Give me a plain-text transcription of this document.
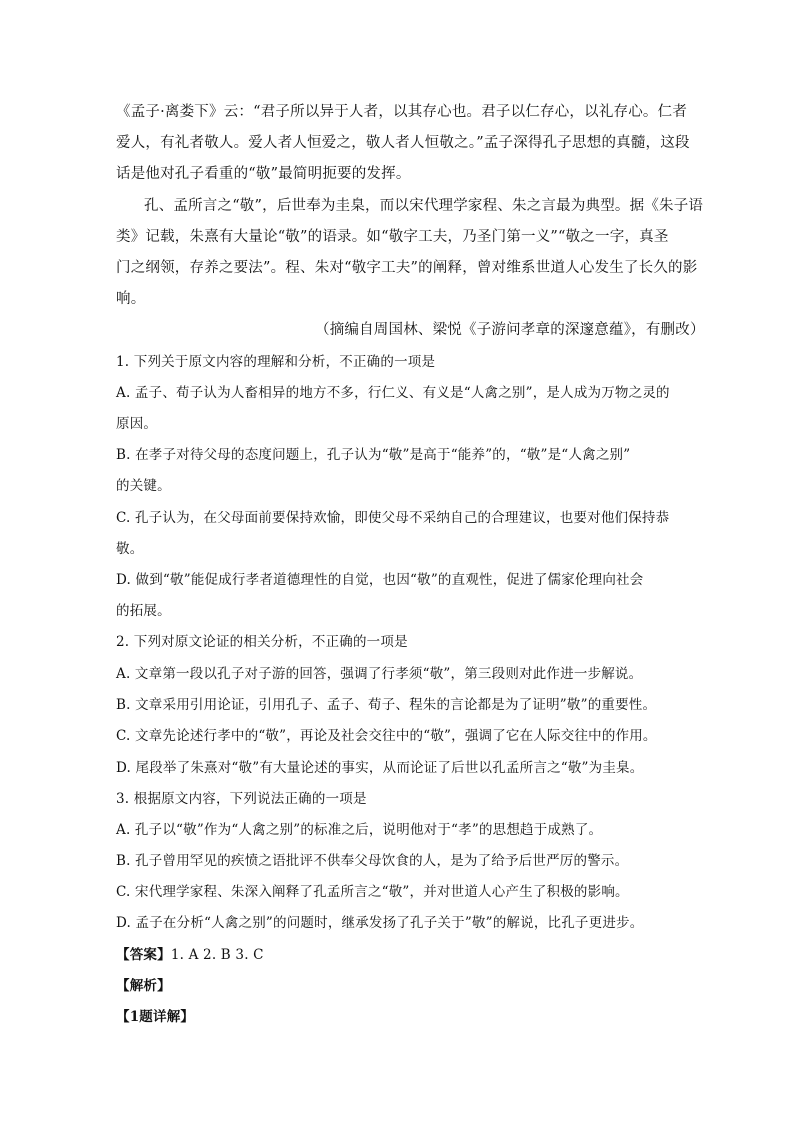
《孟子·离娄下》云：“君子所以异于人者，以其存心也。君子以仁存心，以礼存心。仁者
爱人，有礼者敬人。爱人者人恒爱之，敬人者人恒敬之。”孟子深得孔子思想的真髓，这段
话是他对孔子看重的“敬”最简明扼要的发挥。
孔、孟所言之“敬”，后世奉为圭臬，而以宋代理学家程、朱之言最为典型。据《朱子语
类》记载，朱熹有大量论“敬”的语录。如“敬字工夫，乃圣门第一义”“敬之一字，真圣
门之纲领，存养之要法”。程、朱对“敬字工夫”的阐释，曾对维系世道人心发生了长久的影
响。
（摘编自周国林、梁悦《子游问孝章的深邃意蕴》，有删改）
1. 下列关于原文内容的理解和分析，不正确的一项是
A. 孟子、荀子认为人畜相异的地方不多，行仁义、有义是“人禽之别”，是人成为万物之灵的
原因。
B. 在孝子对待父母的态度问题上，孔子认为“敬”是高于“能养”的，“敬”是“人禽之别”
的关键。
C. 孔子认为，在父母面前要保持欢愉，即使父母不采纳自己的合理建议，也要对他们保持恭
敬。
D. 做到“敬”能促成行孝者道德理性的自觉，也因“敬”的直观性，促进了儒家伦理向社会
的拓展。
2. 下列对原文论证的相关分析，不正确的一项是
A. 文章第一段以孔子对子游的回答，强调了行孝须“敬”，第三段则对此作进一步解说。
B. 文章采用引用论证，引用孔子、孟子、荀子、程朱的言论都是为了证明”敬”的重要性。
C. 文章先论述行孝中的“敬”，再论及社会交往中的“敬”，强调了它在人际交往中的作用。
D. 尾段举了朱熹对“敬”有大量论述的事实，从而论证了后世以孔孟所言之“敬”为圭臬。
3. 根据原文内容，下列说法正确的一项是
A. 孔子以“敬”作为“人禽之别”的标准之后，说明他对于“孝”的思想趋于成熟了。
B. 孔子曾用罕见的疾愤之语批评不供奉父母饮食的人，是为了给予后世严厉的警示。
C. 宋代理学家程、朱深入阐释了孔孟所言之“敬”，并对世道人心产生了积极的影响。
D. 孟子在分析“人禽之别”的问题时，继承发扬了孔子关于”敬”的解说，比孔子更进步。
【答案】1. A 2. B 3. C
【解析】
【1题详解】
